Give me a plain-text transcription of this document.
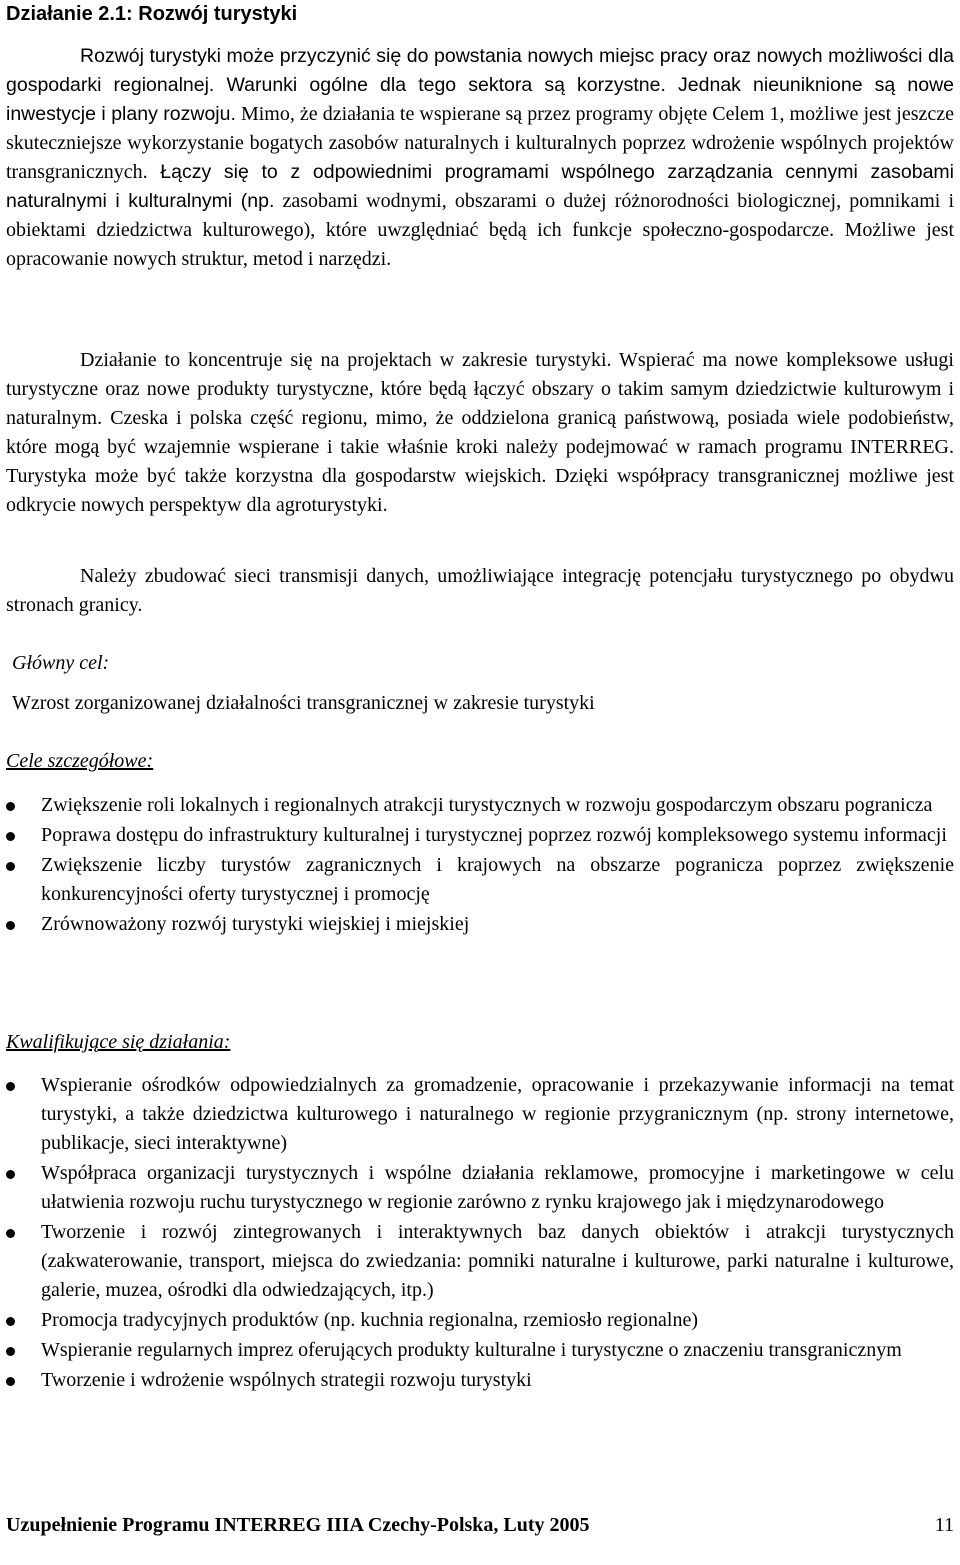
Działanie 2.1: Rozwój turystyki
Rozwój turystyki może przyczynić się do powstania nowych miejsc pracy oraz nowych możliwości dla gospodarki regionalnej. Warunki ogólne dla tego sektora są korzystne. Jednak nieuniknione są nowe inwestycje i plany rozwoju. Mimo, że działania te wspierane są przez programy objęte Celem 1, możliwe jest jeszcze skuteczniejsze wykorzystanie bogatych zasobów naturalnych i kulturalnych poprzez wdrożenie wspólnych projektów transgranicznych. Łączy się to z odpowiednimi programami wspólnego zarządzania cennymi zasobami naturalnymi i kulturalnymi (np. zasobami wodnymi, obszarami o dużej różnorodności biologicznej, pomnikami i obiektami dziedzictwa kulturowego), które uwzględniać będą ich funkcje społeczno-gospodarcze. Możliwe jest opracowanie nowych struktur, metod i narzędzi.
Działanie to koncentruje się na projektach w zakresie turystyki. Wspierać ma nowe kompleksowe usługi turystyczne oraz nowe produkty turystyczne, które będą łączyć obszary o takim samym dziedzictwie kulturowym i naturalnym. Czeska i polska część regionu, mimo, że oddzielona granicą państwową, posiada wiele podobieństw, które mogą być wzajemnie wspierane i takie właśnie kroki należy podejmować w ramach programu INTERREG. Turystyka może być także korzystna dla gospodarstw wiejskich. Dzięki współpracy transgranicznej możliwe jest odkrycie nowych perspektyw dla agroturystyki.
Należy zbudować sieci transmisji danych, umożliwiające integrację potencjału turystycznego po obydwu stronach granicy.
Główny cel:
Wzrost zorganizowanej działalności transgranicznej w zakresie turystyki
Cele szczegółowe:
Zwiększenie roli lokalnych i regionalnych atrakcji turystycznych w rozwoju gospodarczym obszaru pogranicza
Poprawa dostępu do infrastruktury kulturalnej i turystycznej poprzez rozwój kompleksowego systemu informacji
Zwiększenie liczby turystów zagranicznych i krajowych na obszarze pogranicza poprzez zwiększenie konkurencyjności oferty turystycznej i promocję
Zrównoważony rozwój turystyki wiejskiej i miejskiej
Kwalifikujące się działania:
Wspieranie ośrodków odpowiedzialnych za gromadzenie, opracowanie i przekazywanie informacji na temat turystyki, a także dziedzictwa kulturowego i naturalnego w regionie przygranicznym (np. strony internetowe, publikacje, sieci interaktywne)
Współpraca organizacji turystycznych i wspólne działania reklamowe, promocyjne i marketingowe w celu ułatwienia rozwoju ruchu turystycznego w regionie zarówno z rynku krajowego jak i międzynarodowego
Tworzenie i rozwój zintegrowanych i interaktywnych baz danych obiektów i atrakcji turystycznych (zakwaterowanie, transport, miejsca do zwiedzania: pomniki naturalne i kulturowe, parki naturalne i kulturowe, galerie, muzea, ośrodki dla odwiedzających, itp.)
Promocja tradycyjnych produktów (np. kuchnia regionalna, rzemiosło regionalne)
Wspieranie regularnych imprez oferujących produkty kulturalne i turystyczne o znaczeniu transgranicznym
Tworzenie i wdrożenie wspólnych strategii rozwoju turystyki
Uzupełnienie Programu INTERREG IIIA Czechy-Polska, Luty 2005	11
